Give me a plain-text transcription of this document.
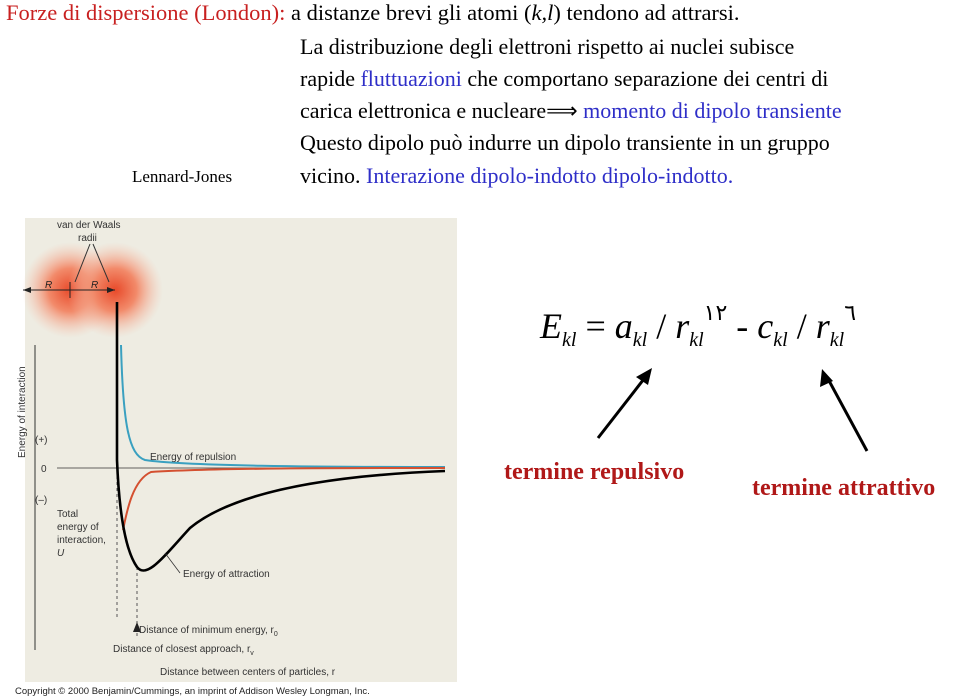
Forze di dispersione (London): a distanze brevi gli atomi (k,l) tendono ad attrarsi.
La distribuzione degli elettroni rispetto ai nuclei subisce
rapide fluttuazioni che comportano separazione dei centri di
carica elettronica e nucleare⟹ momento di dipolo transiente
Questo dipolo può indurre un dipolo transiente in un gruppo
vicino. Interazione dipolo-indotto dipolo-indotto.
Lennard-Jones
van der Waals
radii
R	R
Energy of interaction (+)
0
(–)
Energy of repulsion
Energy of attraction
Total
energy of
interaction,
U
Distance of minimum energy, $r_0$
Distance of closest approach, $r_v$
Distance between centers of particles, r
Copyright © 2000 Benjamin/Cummings, an imprint of Addison Wesley Longman, Inc.
$E_{kl} = a_{kl} / r_{kl}^{١٢} - c_{kl} / r_{kl}^٦$
termine repulsivo
termine attrattivo
